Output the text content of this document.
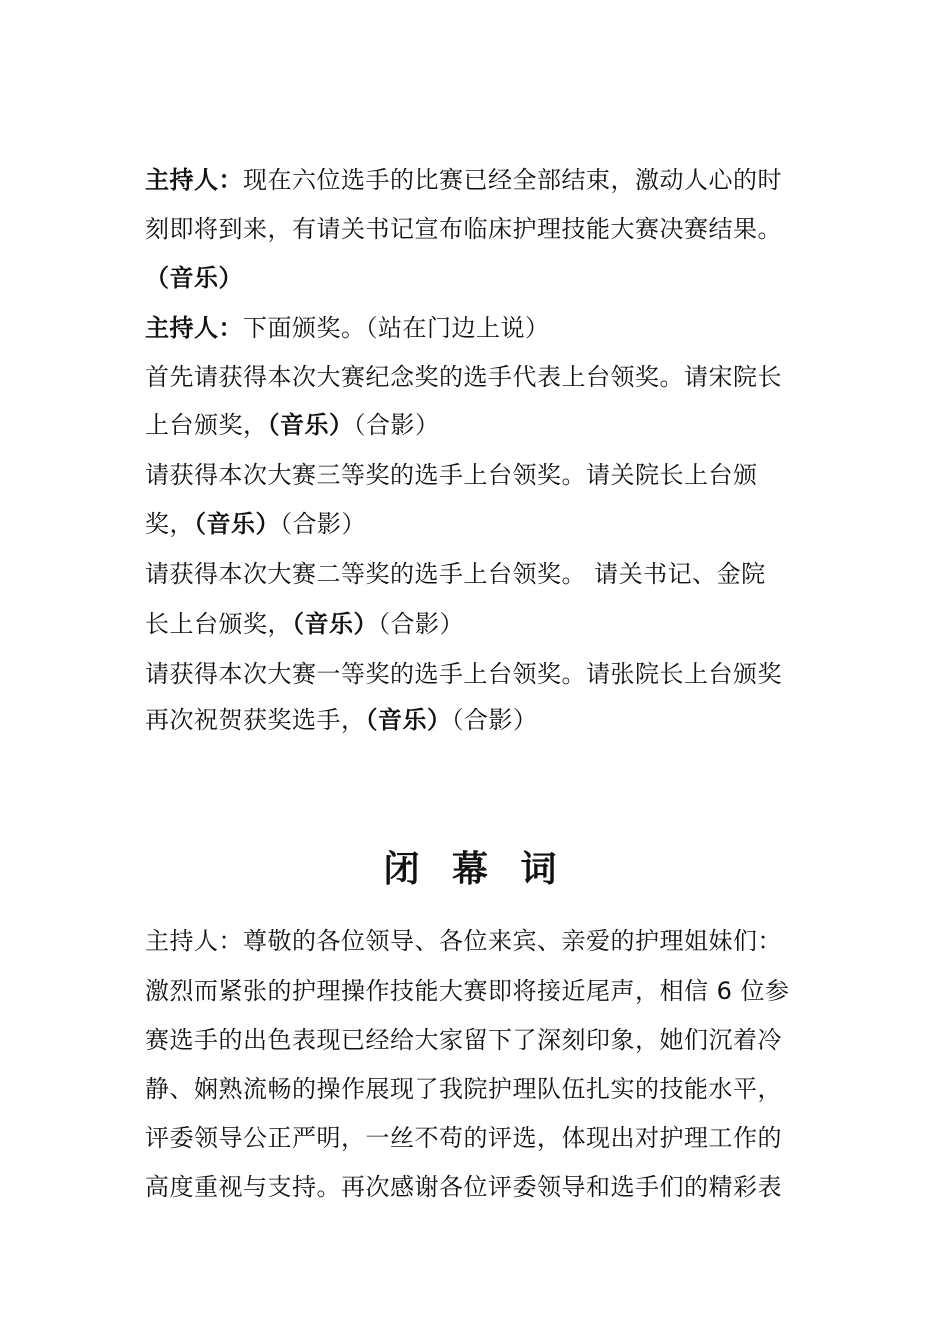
主持人：现在六位选手的比赛已经全部结束，激动人心的时
刻即将到来，有请关书记宣布临床护理技能大赛决赛结果。
（音乐）
主持人：下面颁奖。（站在门边上说）
首先请获得本次大赛纪念奖的选手代表上台领奖。请宋院长
上台颁奖，（音乐）（合影）
请获得本次大赛三等奖的选手上台领奖。请关院长上台颁
奖，（音乐）（合影）
请获得本次大赛二等奖的选手上台领奖。 请关书记、金院
长上台颁奖，（音乐）（合影）
请获得本次大赛一等奖的选手上台领奖。请张院长上台颁奖
再次祝贺获奖选手，（音乐）（合影）
闭 幕 词
主持人：尊敬的各位领导、各位来宾、亲爱的护理姐妹们：
激烈而紧张的护理操作技能大赛即将接近尾声，相信 6 位参
赛选手的出色表现已经给大家留下了深刻印象，她们沉着冷
静、娴熟流畅的操作展现了我院护理队伍扎实的技能水平，
评委领导公正严明，一丝不苟的评选，体现出对护理工作的
高度重视与支持。再次感谢各位评委领导和选手们的精彩表
